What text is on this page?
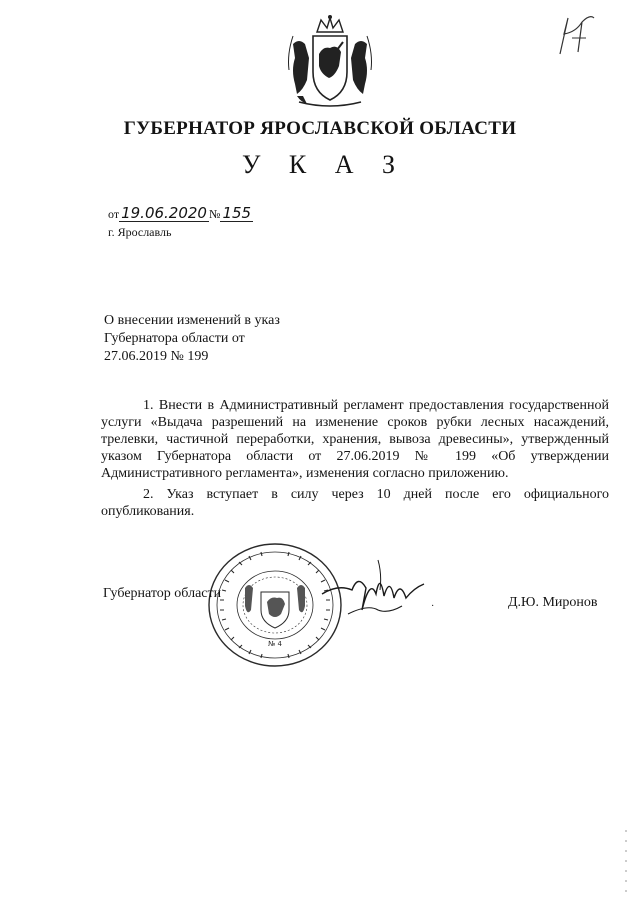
ГУБЕРНАТОР ЯРОСЛАВСКОЙ ОБЛАСТИ
У К А З
от 19.06.2020 № 155
г. Ярославль
О внесении изменений в указ
Губернатора области от
27.06.2019 № 199

1. Внести в Административный регламент предоставления государственной услуги «Выдача разрешений на изменение сроков рубки лесных насаждений, трелевки, частичной переработки, хранения, вывоза древесины», утвержденный указом Губернатора области от 27.06.2019 № 199 «Об утверждении Административного регламента», изменения согласно приложению.

2. Указ вступает в силу через 10 дней после его официального опубликования.

№ 4
Губернатор области
·	Д.Ю. Миронов
